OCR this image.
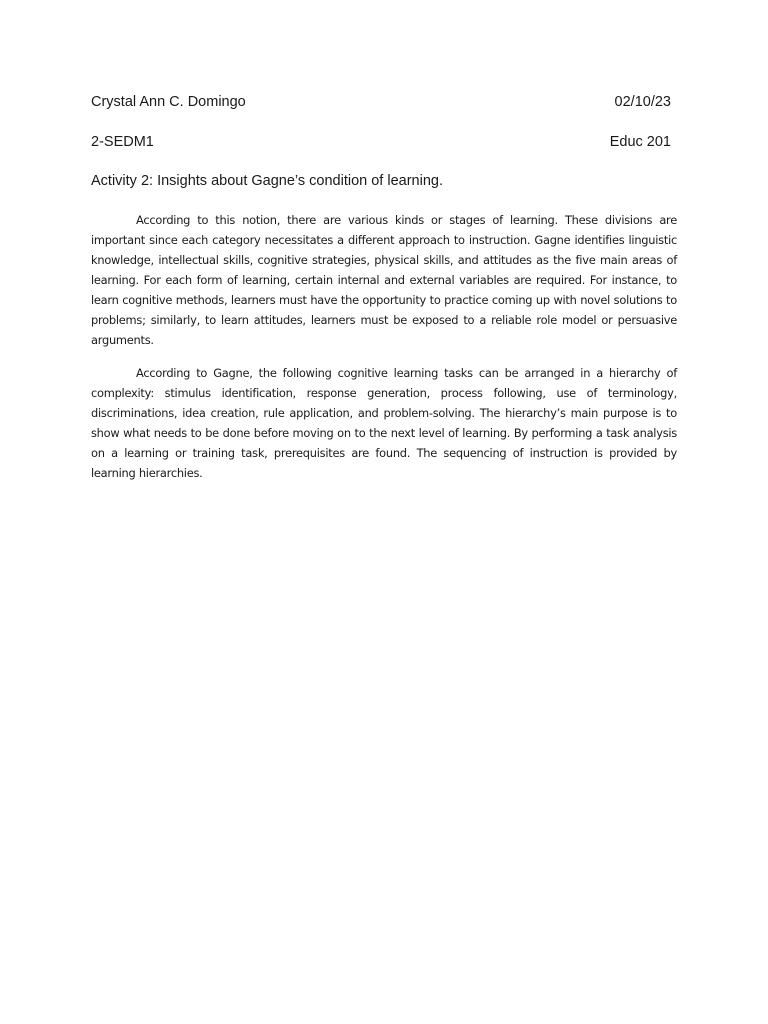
Crystal Ann C. Domingo	02/10/23
2-SEDM1	Educ 201
Activity 2: Insights about Gagne’s condition of learning.

According to this notion, there are various kinds or stages of learning. These divisions are important since each category necessitates a different approach to instruction. Gagne identifies linguistic knowledge, intellectual skills, cognitive strategies, physical skills, and attitudes as the five main areas of learning. For each form of learning, certain internal and external variables are required. For instance, to learn cognitive methods, learners must have the opportunity to practice coming up with novel solutions to problems; similarly, to learn attitudes, learners must be exposed to a reliable role model or persuasive arguments.

According to Gagne, the following cognitive learning tasks can be arranged in a hierarchy of complexity: stimulus identification, response generation, process following, use of terminology, discriminations, idea creation, rule application, and problem-solving. The hierarchy’s main purpose is to show what needs to be done before moving on to the next level of learning. By performing a task analysis on a learning or training task, prerequisites are found. The sequencing of instruction is provided by learning hierarchies.
